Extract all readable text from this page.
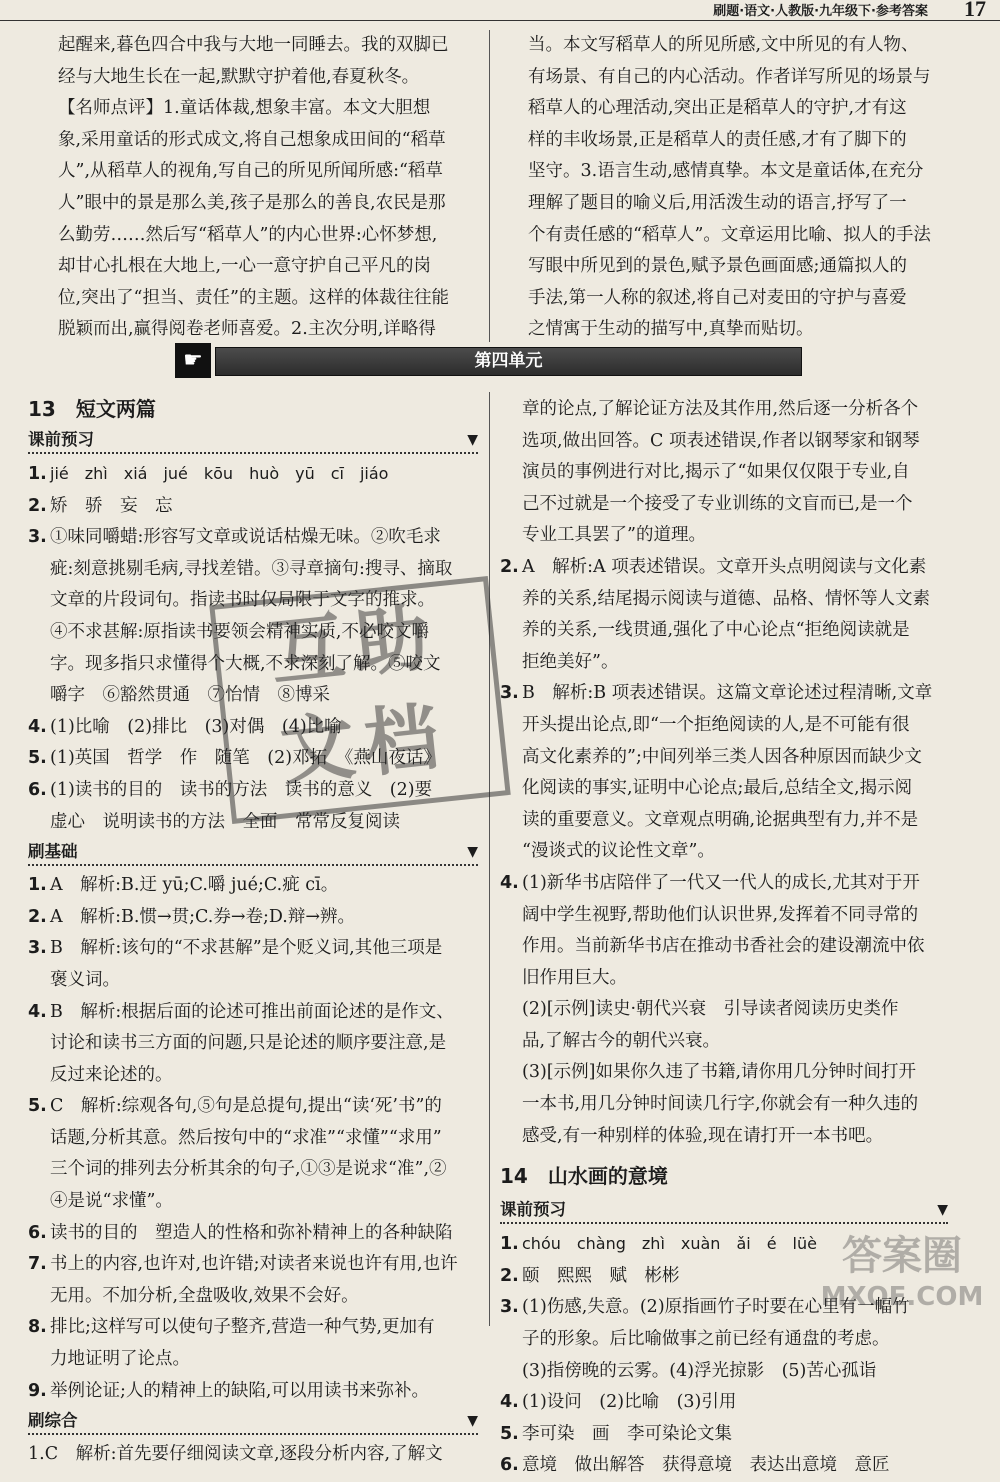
刷题·语文·人教版·九年级下·参考答案 17
起醒来,暮色四合中我与大地一同睡去。我的双脚已
经与大地生长在一起,默默守护着他,春夏秋冬。
【名师点评】1.童话体裁,想象丰富。本文大胆想
象,采用童话的形式成文,将自己想象成田间的“稻草
人”,从稻草人的视角,写自己的所见所闻所感:“稻草
人”眼中的景是那么美,孩子是那么的善良,农民是那
么勤劳……然后写“稻草人”的内心世界:心怀梦想,
却甘心扎根在大地上,一心一意守护自己平凡的岗
位,突出了“担当、责任”的主题。这样的体裁往往能
脱颖而出,赢得阅卷老师喜爱。2.主次分明,详略得
当。本文写稻草人的所见所感,文中所见的有人物、
有场景、有自己的内心活动。作者详写所见的场景与
稻草人的心理活动,突出正是稻草人的守护,才有这
样的丰收场景,正是稻草人的责任感,才有了脚下的
坚守。3.语言生动,感情真挚。本文是童话体,在充分
理解了题目的喻义后,用活泼生动的语言,抒写了一
个有责任感的“稻草人”。文章运用比喻、拟人的手法
写眼中所见到的景色,赋予景色画面感;通篇拟人的
手法,第一人称的叙述,将自己对麦田的守护与喜爱
之情寓于生动的描写中,真挚而贴切。
☛	第四单元
13　短文两篇
课前预习	▼
1. jié　zhì　xiá　jué　kōu　huò　yū　cī　jiáo
2. 矫　骄　妄　忘
3. ①味同嚼蜡:形容写文章或说话枯燥无味。②吹毛求
疵:刻意挑剔毛病,寻找差错。③寻章摘句:搜寻、摘取
文章的片段词句。指读书时仅局限于文字的推求。
④不求甚解:原指读书要领会精神实质,不必咬文嚼
字。现多指只求懂得个大概,不求深刻了解。⑤咬文
嚼字　⑥豁然贯通　⑦怡情　⑧博采
4. (1)比喻　(2)排比　(3)对偶　(4)比喻
5. (1)英国　哲学　作　随笔　(2)邓拓　《燕山夜话》
6. (1)读书的目的　读书的方法　读书的意义　(2)要
虚心　说明读书的方法　全面　常常反复阅读
刷基础	▼
1. A　解析:B.迂 yū;C.嚼 jué;C.疵 cī。
2. A　解析:B.惯→贯;C.券→卷;D.辩→辨。
3. B　解析:该句的“不求甚解”是个贬义词,其他三项是
褒义词。
4. B　解析:根据后面的论述可推出前面论述的是作文、
讨论和读书三方面的问题,只是论述的顺序要注意,是
反过来论述的。
5. C　解析:综观各句,⑤句是总提句,提出“读‘死’书”的
话题,分析其意。然后按句中的“求准”“求懂”“求用”
三个词的排列去分析其余的句子,①③是说求“准”,②
④是说“求懂”。
6. 读书的目的　塑造人的性格和弥补精神上的各种缺陷
7. 书上的内容,也许对,也许错;对读者来说也许有用,也许
无用。不加分析,全盘吸收,效果不会好。
8. 排比;这样写可以使句子整齐,营造一种气势,更加有
力地证明了论点。
9. 举例论证;人的精神上的缺陷,可以用读书来弥补。
刷综合	▼
1.C　解析:首先要仔细阅读文章,逐段分析内容,了解文
章的论点,了解论证方法及其作用,然后逐一分析各个
选项,做出回答。C 项表述错误,作者以钢琴家和钢琴
演员的事例进行对比,揭示了“如果仅仅限于专业,自
己不过就是一个接受了专业训练的文盲而已,是一个
专业工具罢了”的道理。
2. A　解析:A 项表述错误。文章开头点明阅读与文化素
养的关系,结尾揭示阅读与道德、品格、情怀等人文素
养的关系,一线贯通,强化了中心论点“拒绝阅读就是
拒绝美好”。
3. B　解析:B 项表述错误。这篇文章论述过程清晰,文章
开头提出论点,即“一个拒绝阅读的人,是不可能有很
高文化素养的”;中间列举三类人因各种原因而缺少文
化阅读的事实,证明中心论点;最后,总结全文,揭示阅
读的重要意义。文章观点明确,论据典型有力,并不是
“漫谈式的议论性文章”。
4. (1)新华书店陪伴了一代又一代人的成长,尤其对于开
阔中学生视野,帮助他们认识世界,发挥着不同寻常的
作用。当前新华书店在推动书香社会的建设潮流中依
旧作用巨大。
(2)[示例]读史·朝代兴衰　引导读者阅读历史类作
品,了解古今的朝代兴衰。
(3)[示例]如果你久违了书籍,请你用几分钟时间打开
一本书,用几分钟时间读几行字,你就会有一种久违的
感受,有一种别样的体验,现在请打开一本书吧。
14　山水画的意境
课前预习	▼
1. chóu　chàng　zhì　xuàn　ǎi　é　lüè
2. 颐　熙熙　赋　彬彬
3. (1)伤感,失意。(2)原指画竹子时要在心里有一幅竹
子的形象。后比喻做事之前已经有通盘的考虑。
(3)指傍晚的云雾。(4)浮光掠影　(5)苦心孤诣
4. (1)设问　(2)比喻　(3)引用
5. 李可染　画　李可染论文集
6. 意境　做出解答　获得意境　表达出意境　意匠
互助
文档
答案圈
MXQE.COM
